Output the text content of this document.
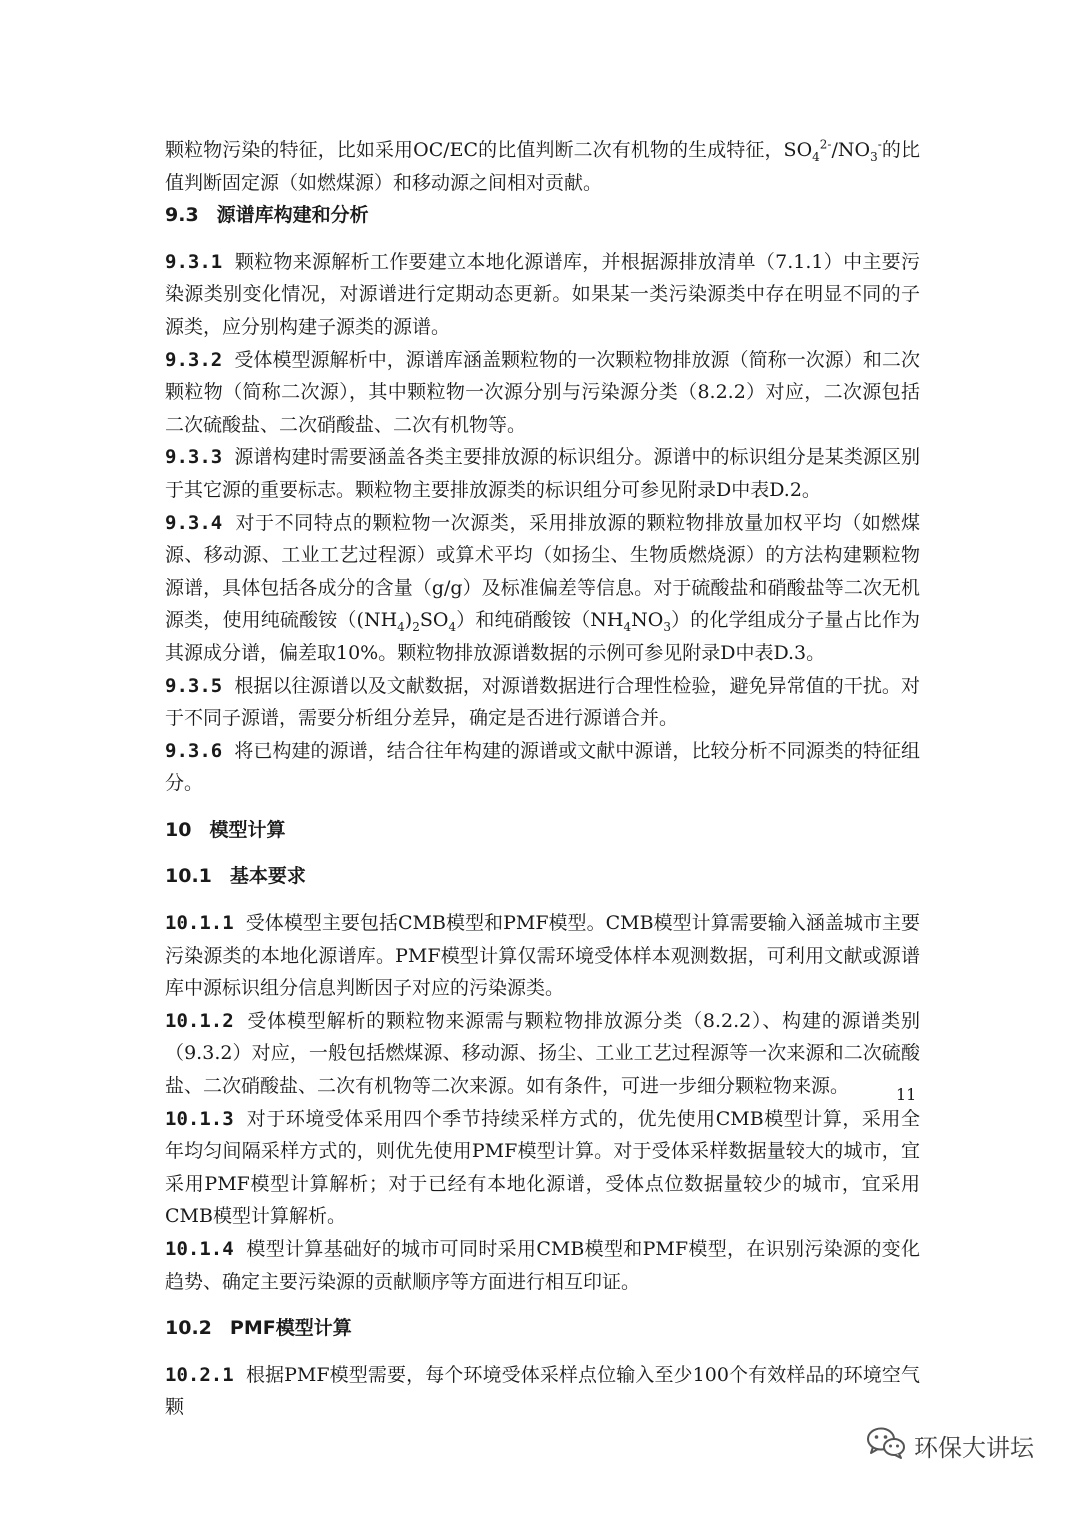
颗粒物污染的特征，比如采用OC/EC的比值判断二次有机物的生成特征，$SO_4^{2-}/NO_3^-$的比值判断固定源（如燃煤源）和移动源之间相对贡献。

9.3 源谱库构建和分析

9.3.1 颗粒物来源解析工作要建立本地化源谱库，并根据源排放清单（7.1.1）中主要污染源类别变化情况，对源谱进行定期动态更新。如果某一类污染源类中存在明显不同的子源类，应分别构建子源类的源谱。

9.3.2 受体模型源解析中，源谱库涵盖颗粒物的一次颗粒物排放源（简称一次源）和二次颗粒物（简称二次源），其中颗粒物一次源分别与污染源分类（8.2.2）对应，二次源包括二次硫酸盐、二次硝酸盐、二次有机物等。

9.3.3 源谱构建时需要涵盖各类主要排放源的标识组分。源谱中的标识组分是某类源区别于其它源的重要标志。颗粒物主要排放源类的标识组分可参见附录D中表D.2。

9.3.4 对于不同特点的颗粒物一次源类，采用排放源的颗粒物排放量加权平均（如燃煤源、移动源、工业工艺过程源）或算术平均（如扬尘、生物质燃烧源）的方法构建颗粒物源谱，具体包括各成分的含量（g/g）及标准偏差等信息。对于硫酸盐和硝酸盐等二次无机源类，使用纯硫酸铵$((NH_4)_2SO_4)$和纯硝酸铵$(NH_4NO_3)$的化学组成分子量占比作为其源成分谱，偏差取10%。颗粒物排放源谱数据的示例可参见附录D中表D.3。

9.3.5 根据以往源谱以及文献数据，对源谱数据进行合理性检验，避免异常值的干扰。对于不同子源谱，需要分析组分差异，确定是否进行源谱合并。

9.3.6 将已构建的源谱，结合往年构建的源谱或文献中源谱，比较分析不同源类的特征组分。

10 模型计算

10.1 基本要求

10.1.1 受体模型主要包括CMB模型和PMF模型。CMB模型计算需要输入涵盖城市主要污染源类的本地化源谱库。PMF模型计算仅需环境受体样本观测数据，可利用文献或源谱库中源标识组分信息判断因子对应的污染源类。

10.1.2 受体模型解析的颗粒物来源需与颗粒物排放源分类（8.2.2）、构建的源谱类别（9.3.2）对应，一般包括燃煤源、移动源、扬尘、工业工艺过程源等一次来源和二次硫酸盐、二次硝酸盐、二次有机物等二次来源。如有条件，可进一步细分颗粒物来源。

10.1.3 对于环境受体采用四个季节持续采样方式的，优先使用CMB模型计算，采用全年均匀间隔采样方式的，则优先使用PMF模型计算。对于受体采样数据量较大的城市，宜采用PMF模型计算解析；对于已经有本地化源谱，受体点位数据量较少的城市，宜采用CMB模型计算解析。

10.1.4 模型计算基础好的城市可同时采用CMB模型和PMF模型，在识别污染源的变化趋势、确定主要污染源的贡献顺序等方面进行相互印证。

10.2 PMF模型计算

10.2.1 根据PMF模型需要，每个环境受体采样点位输入至少100个有效样品的环境空气颗

11
环保大讲坛
